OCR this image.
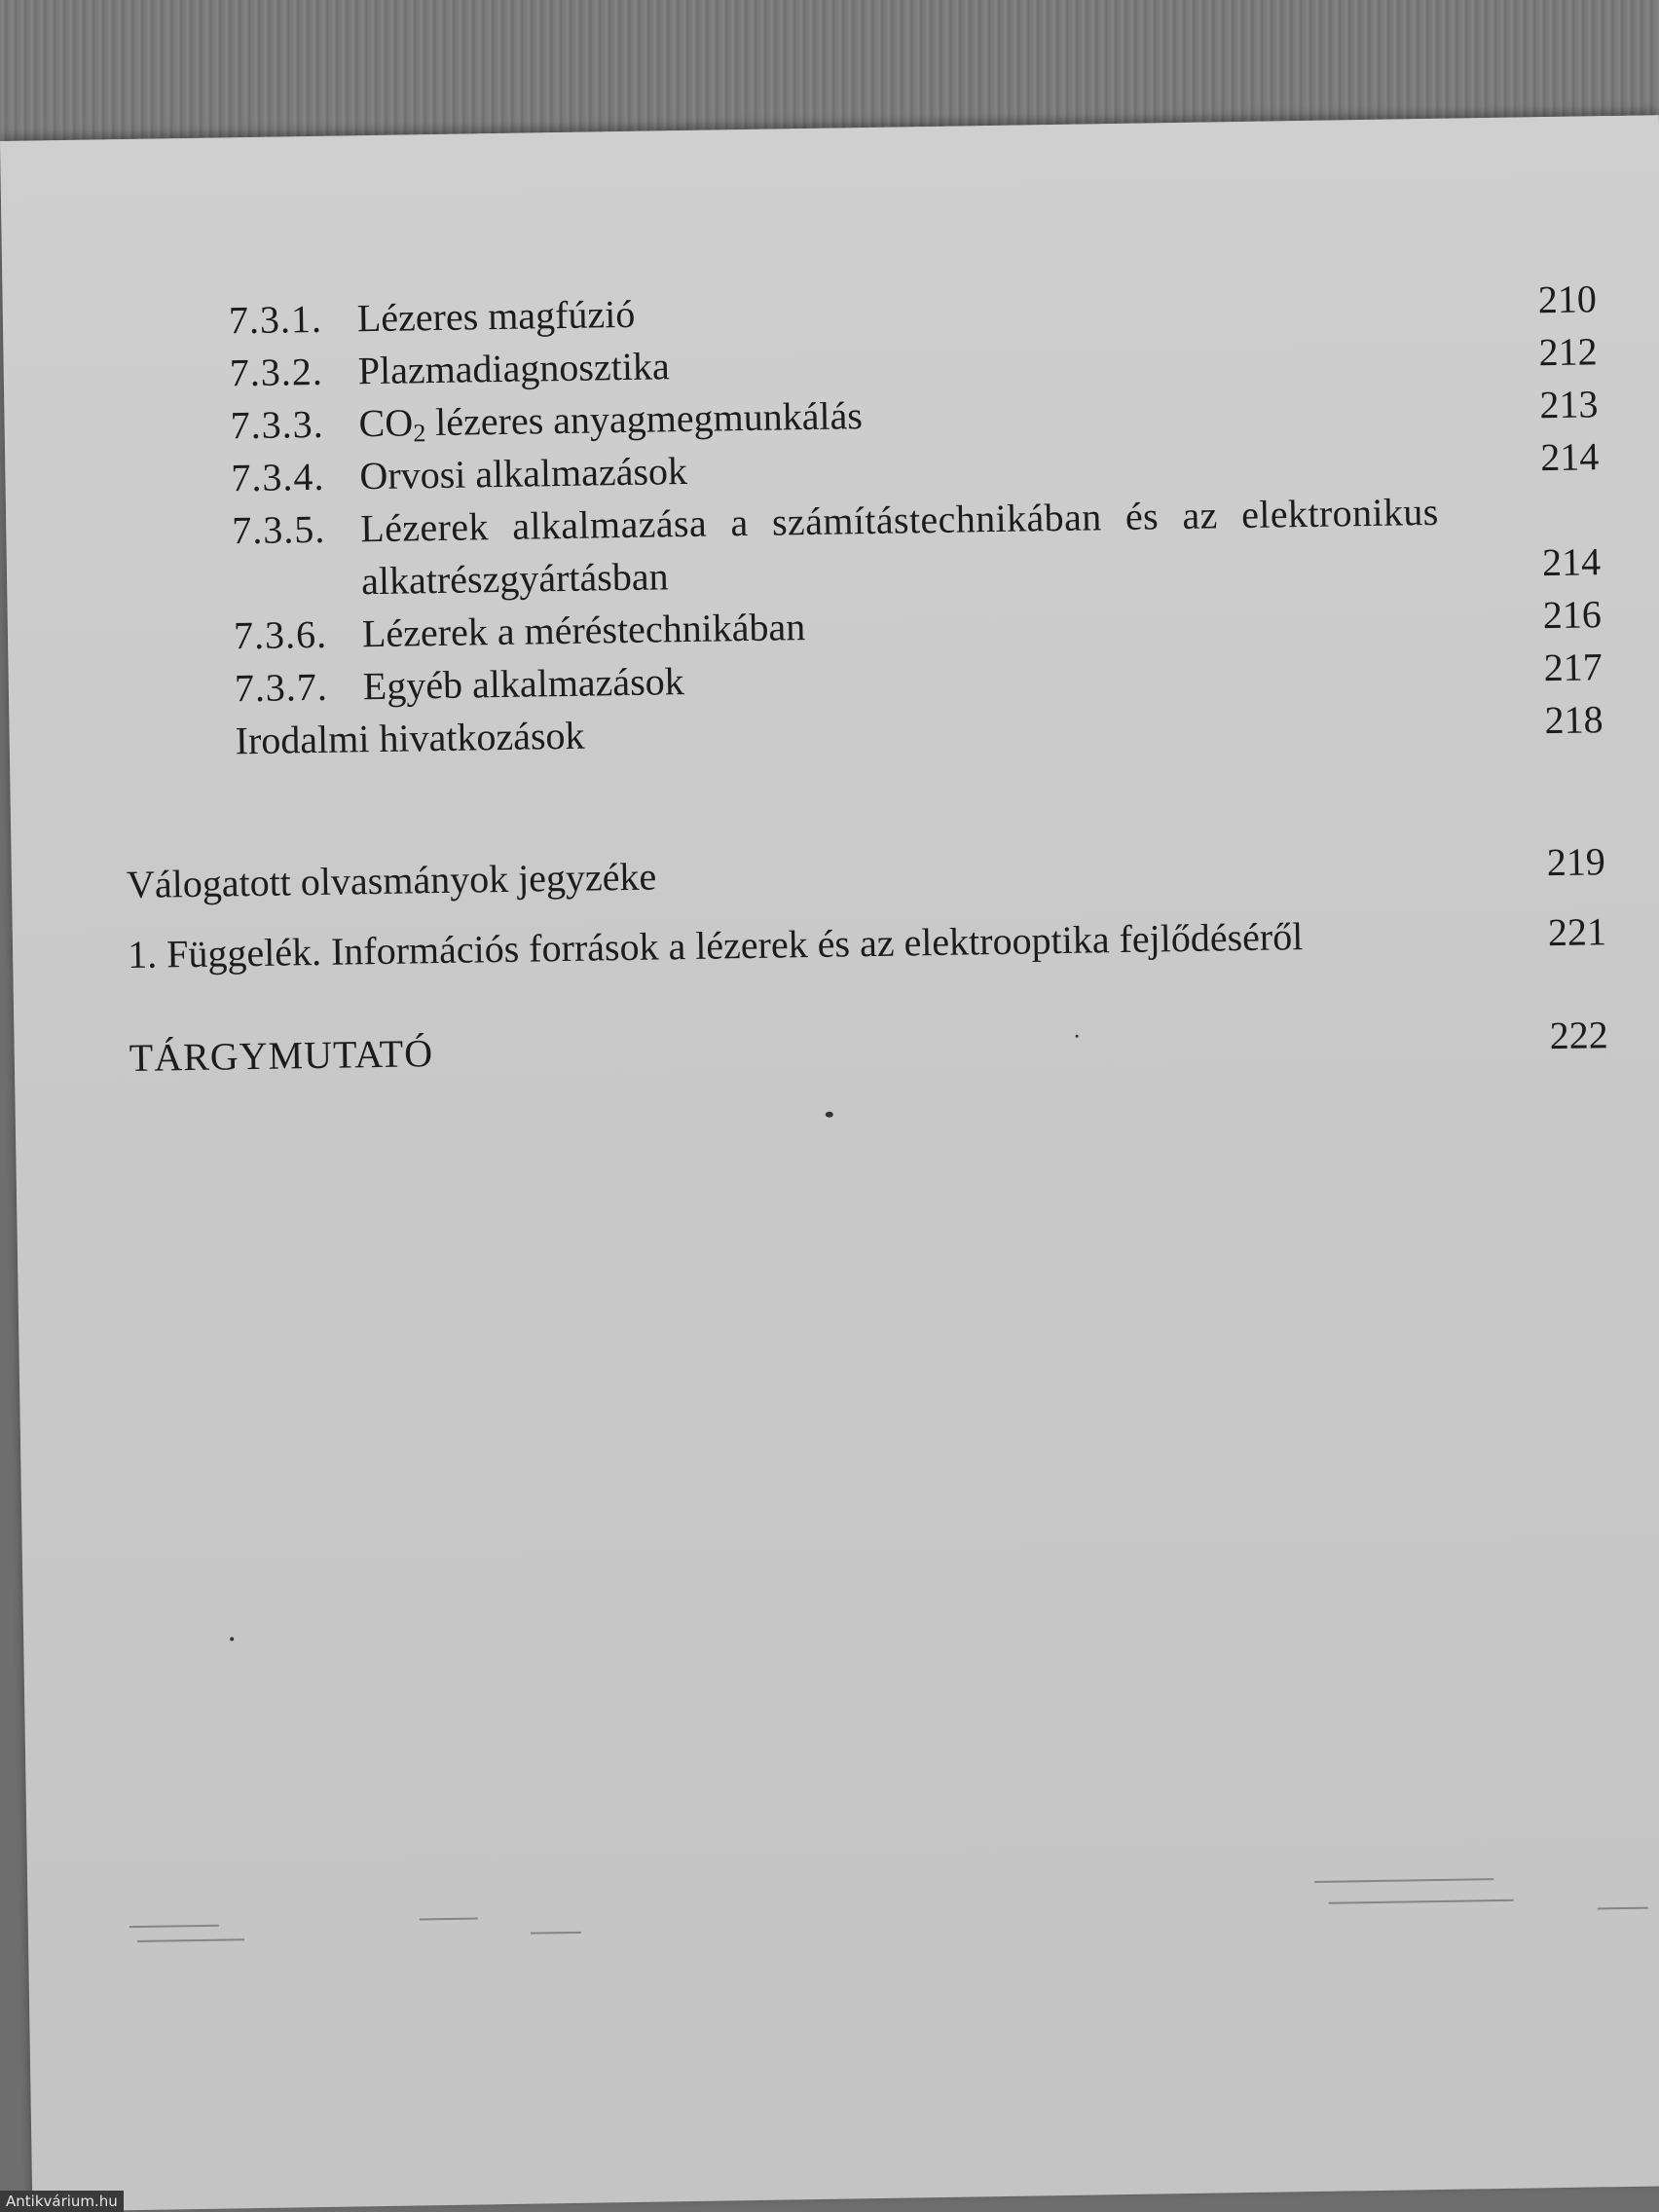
7.3.1. Lézeres magfúzió	210
7.3.2. Plazmadiagnosztika	212
7.3.3. $CO_2$ lézeres anyagmegmunkálás	213
7.3.4. Orvosi alkalmazások	214
7.3.5. Lézerek alkalmazása a számítástechnikában és az elektronikus
alkatrészgyártásban	214
7.3.6. Lézerek a méréstechnikában	216
7.3.7. Egyéb alkalmazások	217
Irodalmi hivatkozások	218
Válogatott olvasmányok jegyzéke	219
1. Függelék. Információs források a lézerek és az elektrooptika fejlődéséről	221
TÁRGYMUTATÓ	222
Antikvárium.hu
